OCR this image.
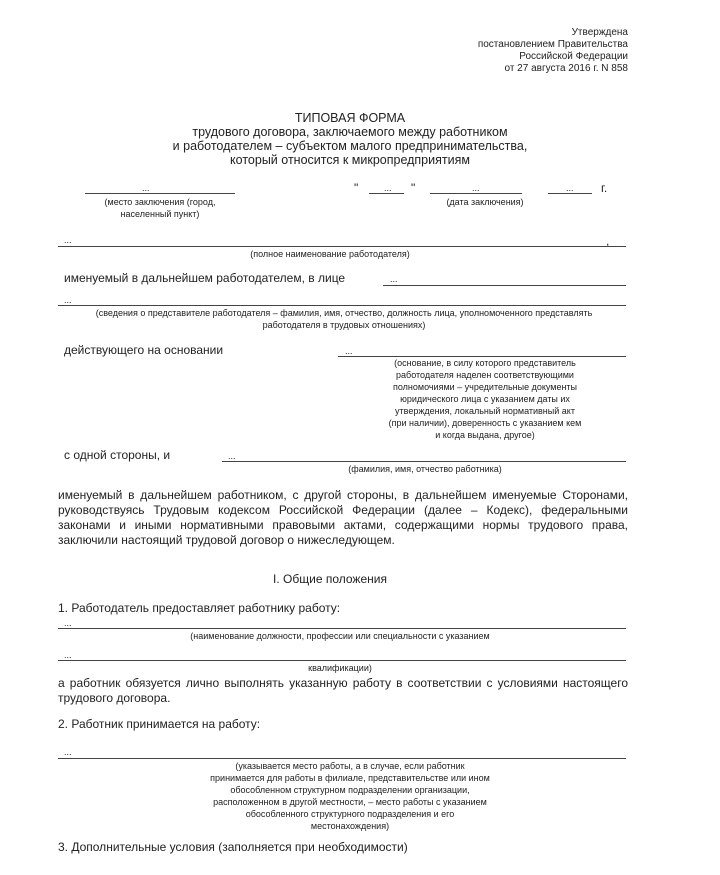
Утверждена
постановлением Правительства
Российской Федерации
от 27 августа 2016 г. N 858
ТИПОВАЯ ФОРМА
трудового договора, заключаемого между работником
и работодателем – субъектом малого предпринимательства,
который относится к микропредприятиям
...
(место заключения (город,
населенный пункт)
"	... "	...	... г.
(дата заключения)
...	,
(полное наименование работодателя)
именуемый в дальнейшем работодателем, в лице	...
...
(сведения о представителе работодателя – фамилия, имя, отчество, должность лица, уполномоченного представлять
работодателя в трудовых отношениях)
действующего на основании	...
(основание, в силу которого представитель
работодателя наделен соответствующими
полномочиями – учредительные документы
юридического лица с указанием даты их
утверждения, локальный нормативный акт
(при наличии), доверенность с указанием кем
и когда выдана, другое)
с одной стороны, и	...
(фамилия, имя, отчество работника)
именуемый в дальнейшем работником, с другой стороны, в дальнейшем именуемые Сторонами, руководствуясь Трудовым кодексом Российской Федерации (далее – Кодекс), федеральными законами и иными нормативными правовыми актами, содержащими нормы трудового права, заключили настоящий трудовой договор о нижеследующем.
I. Общие положения
1. Работодатель предоставляет работнику работу:
...
(наименование должности, профессии или специальности с указанием
...
квалификации)
а работник обязуется лично выполнять указанную работу в соответствии с условиями настоящего трудового договора.
2. Работник принимается на работу:
...
(указывается место работы, а в случае, если работник
принимается для работы в филиале, представительстве или ином
обособленном структурном подразделении организации,
расположенном в другой местности, – место работы с указанием
обособленного структурного подразделения и его
местонахождения)
3. Дополнительные условия (заполняется при необходимости)
